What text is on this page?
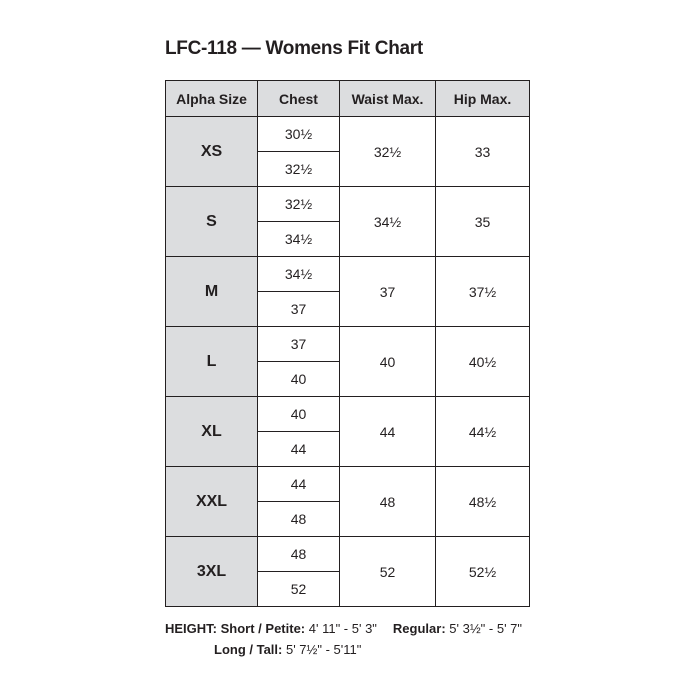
LFC-118 — Womens Fit Chart
Alpha Size	Chest	Waist Max.	Hip Max.
XS	30½	32½	33
	32½		
S	32½	34½	35
	34½		
M	34½	37	37½
	37		
L	37	40	40½
	40		
XL	40	44	44½
	44		
XXL	44	48	48½
	48		
3XL	48	52	52½
	52		
HEIGHT: Short / Petite: 4' 11" - 5' 3" Regular: 5' 3½" - 5' 7"
Long / Tall: 5' 7½" - 5'11"
